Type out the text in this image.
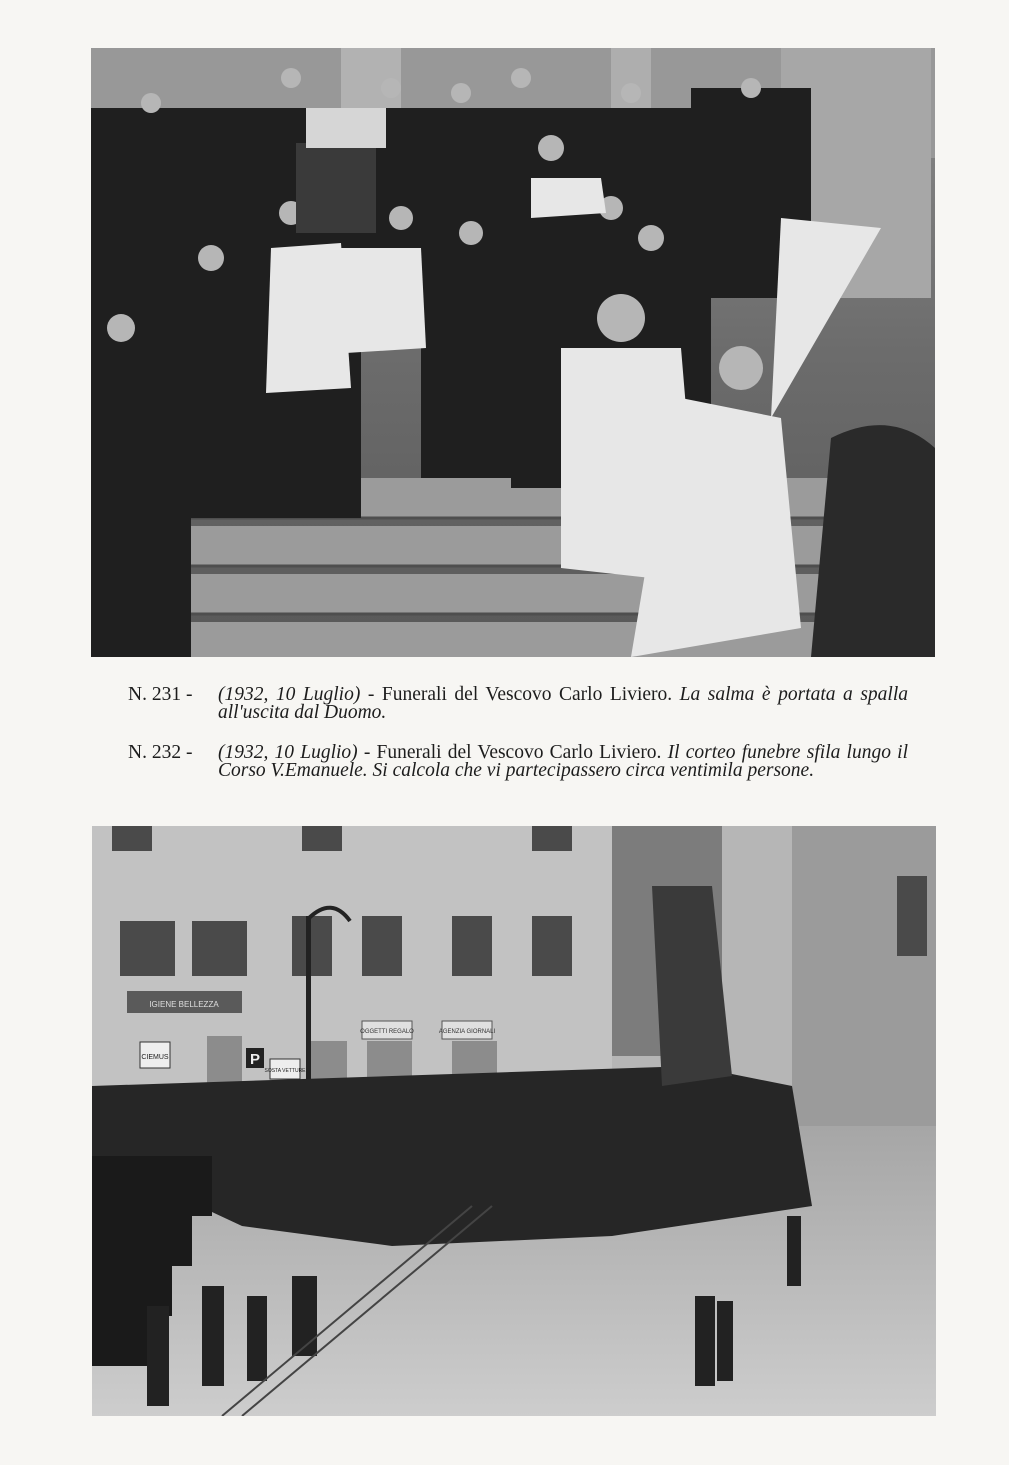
N. 231 -	(1932, 10 Luglio) - Funerali del Vescovo Carlo Liviero. La salma è portata a spalla all'uscita dal Duomo.
N. 232 -	(1932, 10 Luglio) - Funerali del Vescovo Carlo Liviero. Il corteo funebre sfila lungo il Corso V.Emanuele. Si calcola che vi partecipassero circa ventimila persone.
IGIENE BELLEZZA
AGENZIA GIORNALI
OGGETTI REGALO
CIEMUS	P
SOSTA VETTURE
